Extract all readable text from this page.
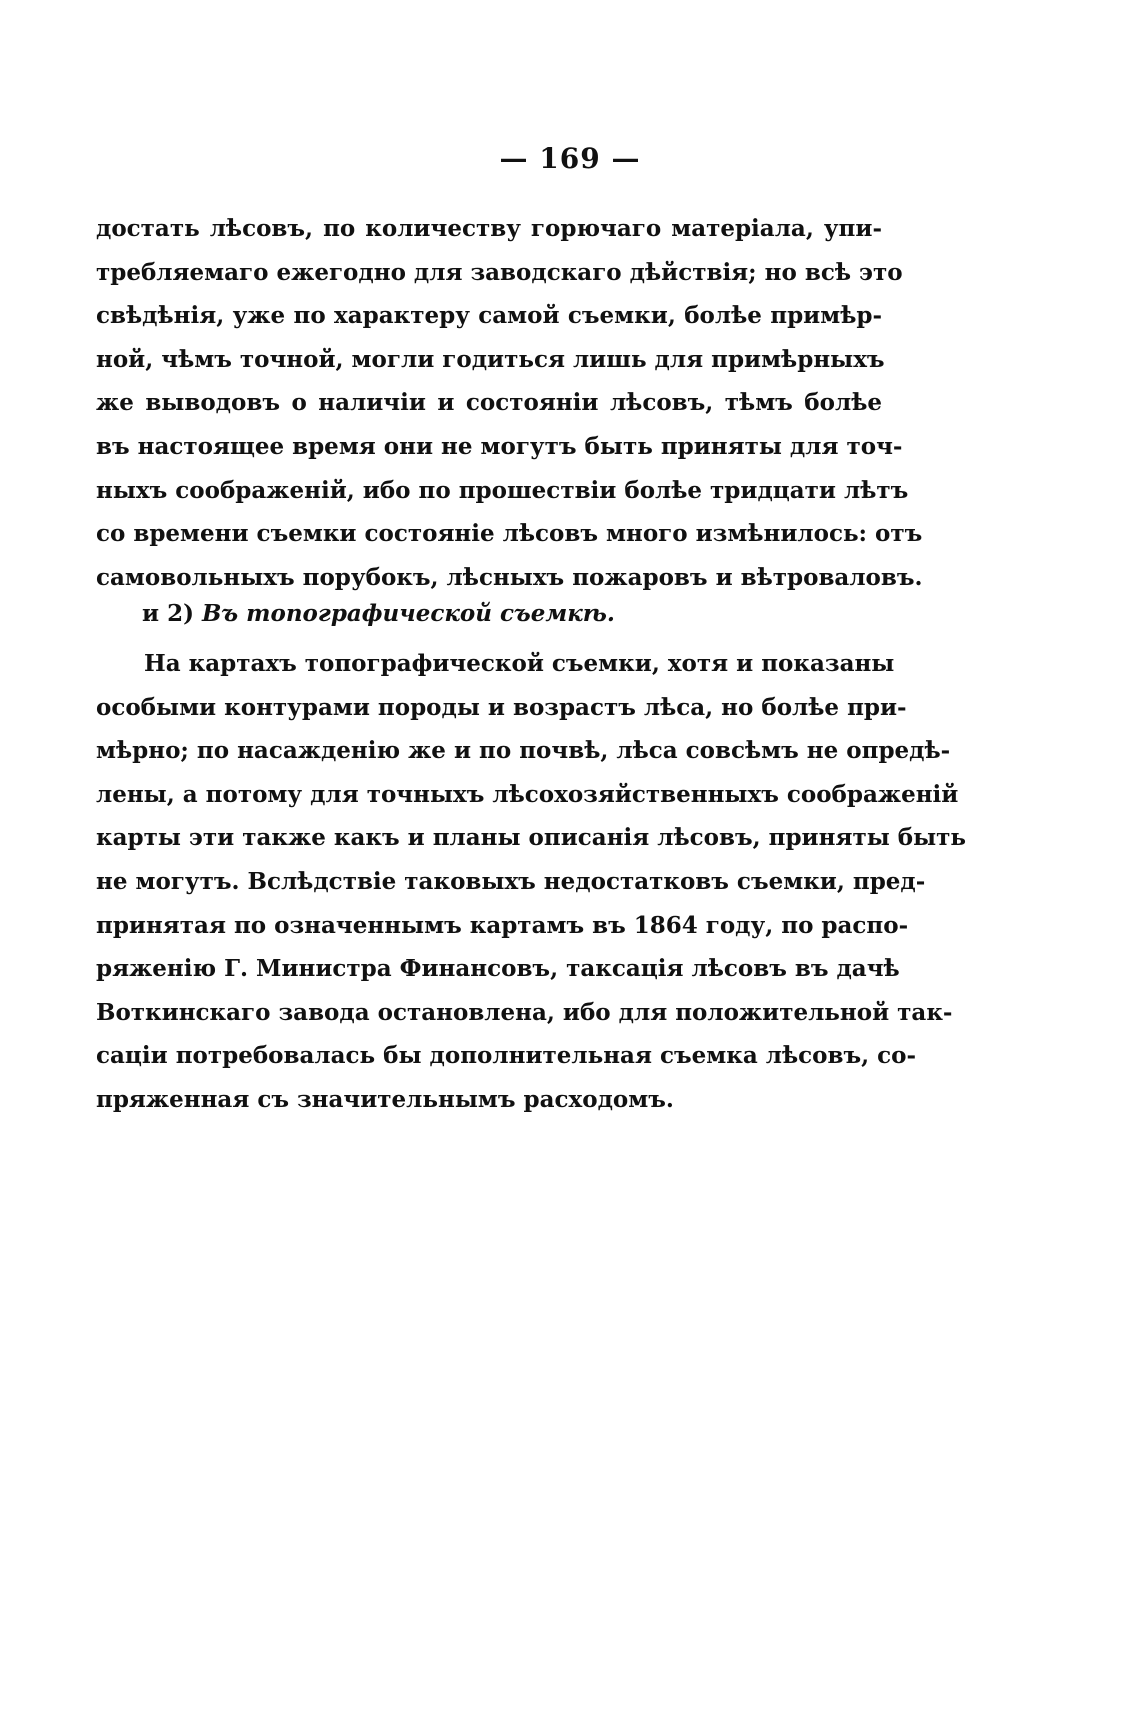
— 169 —
достать лѣсовъ, по количеству горючаго матеріала, упи-
требляемаго ежегодно для заводскаго дѣйствія; но всѣ это
свѣдѣнія, уже по характеру самой съемки, болѣе примѣр-
ной, чѣмъ точной, могли годиться лишь для примѣрныхъ
же выводовъ о наличіи и состояніи лѣсовъ, тѣмъ болѣе
въ настоящее время они не могутъ быть приняты для точ-
ныхъ соображеній, ибо по прошествіи болѣе тридцати лѣтъ
со времени съемки состояніе лѣсовъ много измѣнилось: отъ
самовольныхъ порубокъ, лѣсныхъ пожаровъ и вѣтроваловъ.
и 2) Въ топографической съемкѣ.
На картахъ топографической съемки, хотя и показаны
особыми контурами породы и возрастъ лѣса, но болѣе при-
мѣрно; по насажденію же и по почвѣ, лѣса совсѣмъ не опредѣ-
лены, а потому для точныхъ лѣсохозяйственныхъ соображеній
карты эти также какъ и планы описанія лѣсовъ, приняты быть
не могутъ. Вслѣдствіе таковыхъ недостатковъ съемки, пред-
принятая по означеннымъ картамъ въ 1864 году, по распо-
ряженію Г. Министра Финансовъ, таксація лѣсовъ въ дачѣ
Воткинскаго завода остановлена, ибо для положительной так-
сацiи потребовалась бы дополнительная съемка лѣсовъ, со-
пряженная съ значительнымъ расходомъ.
